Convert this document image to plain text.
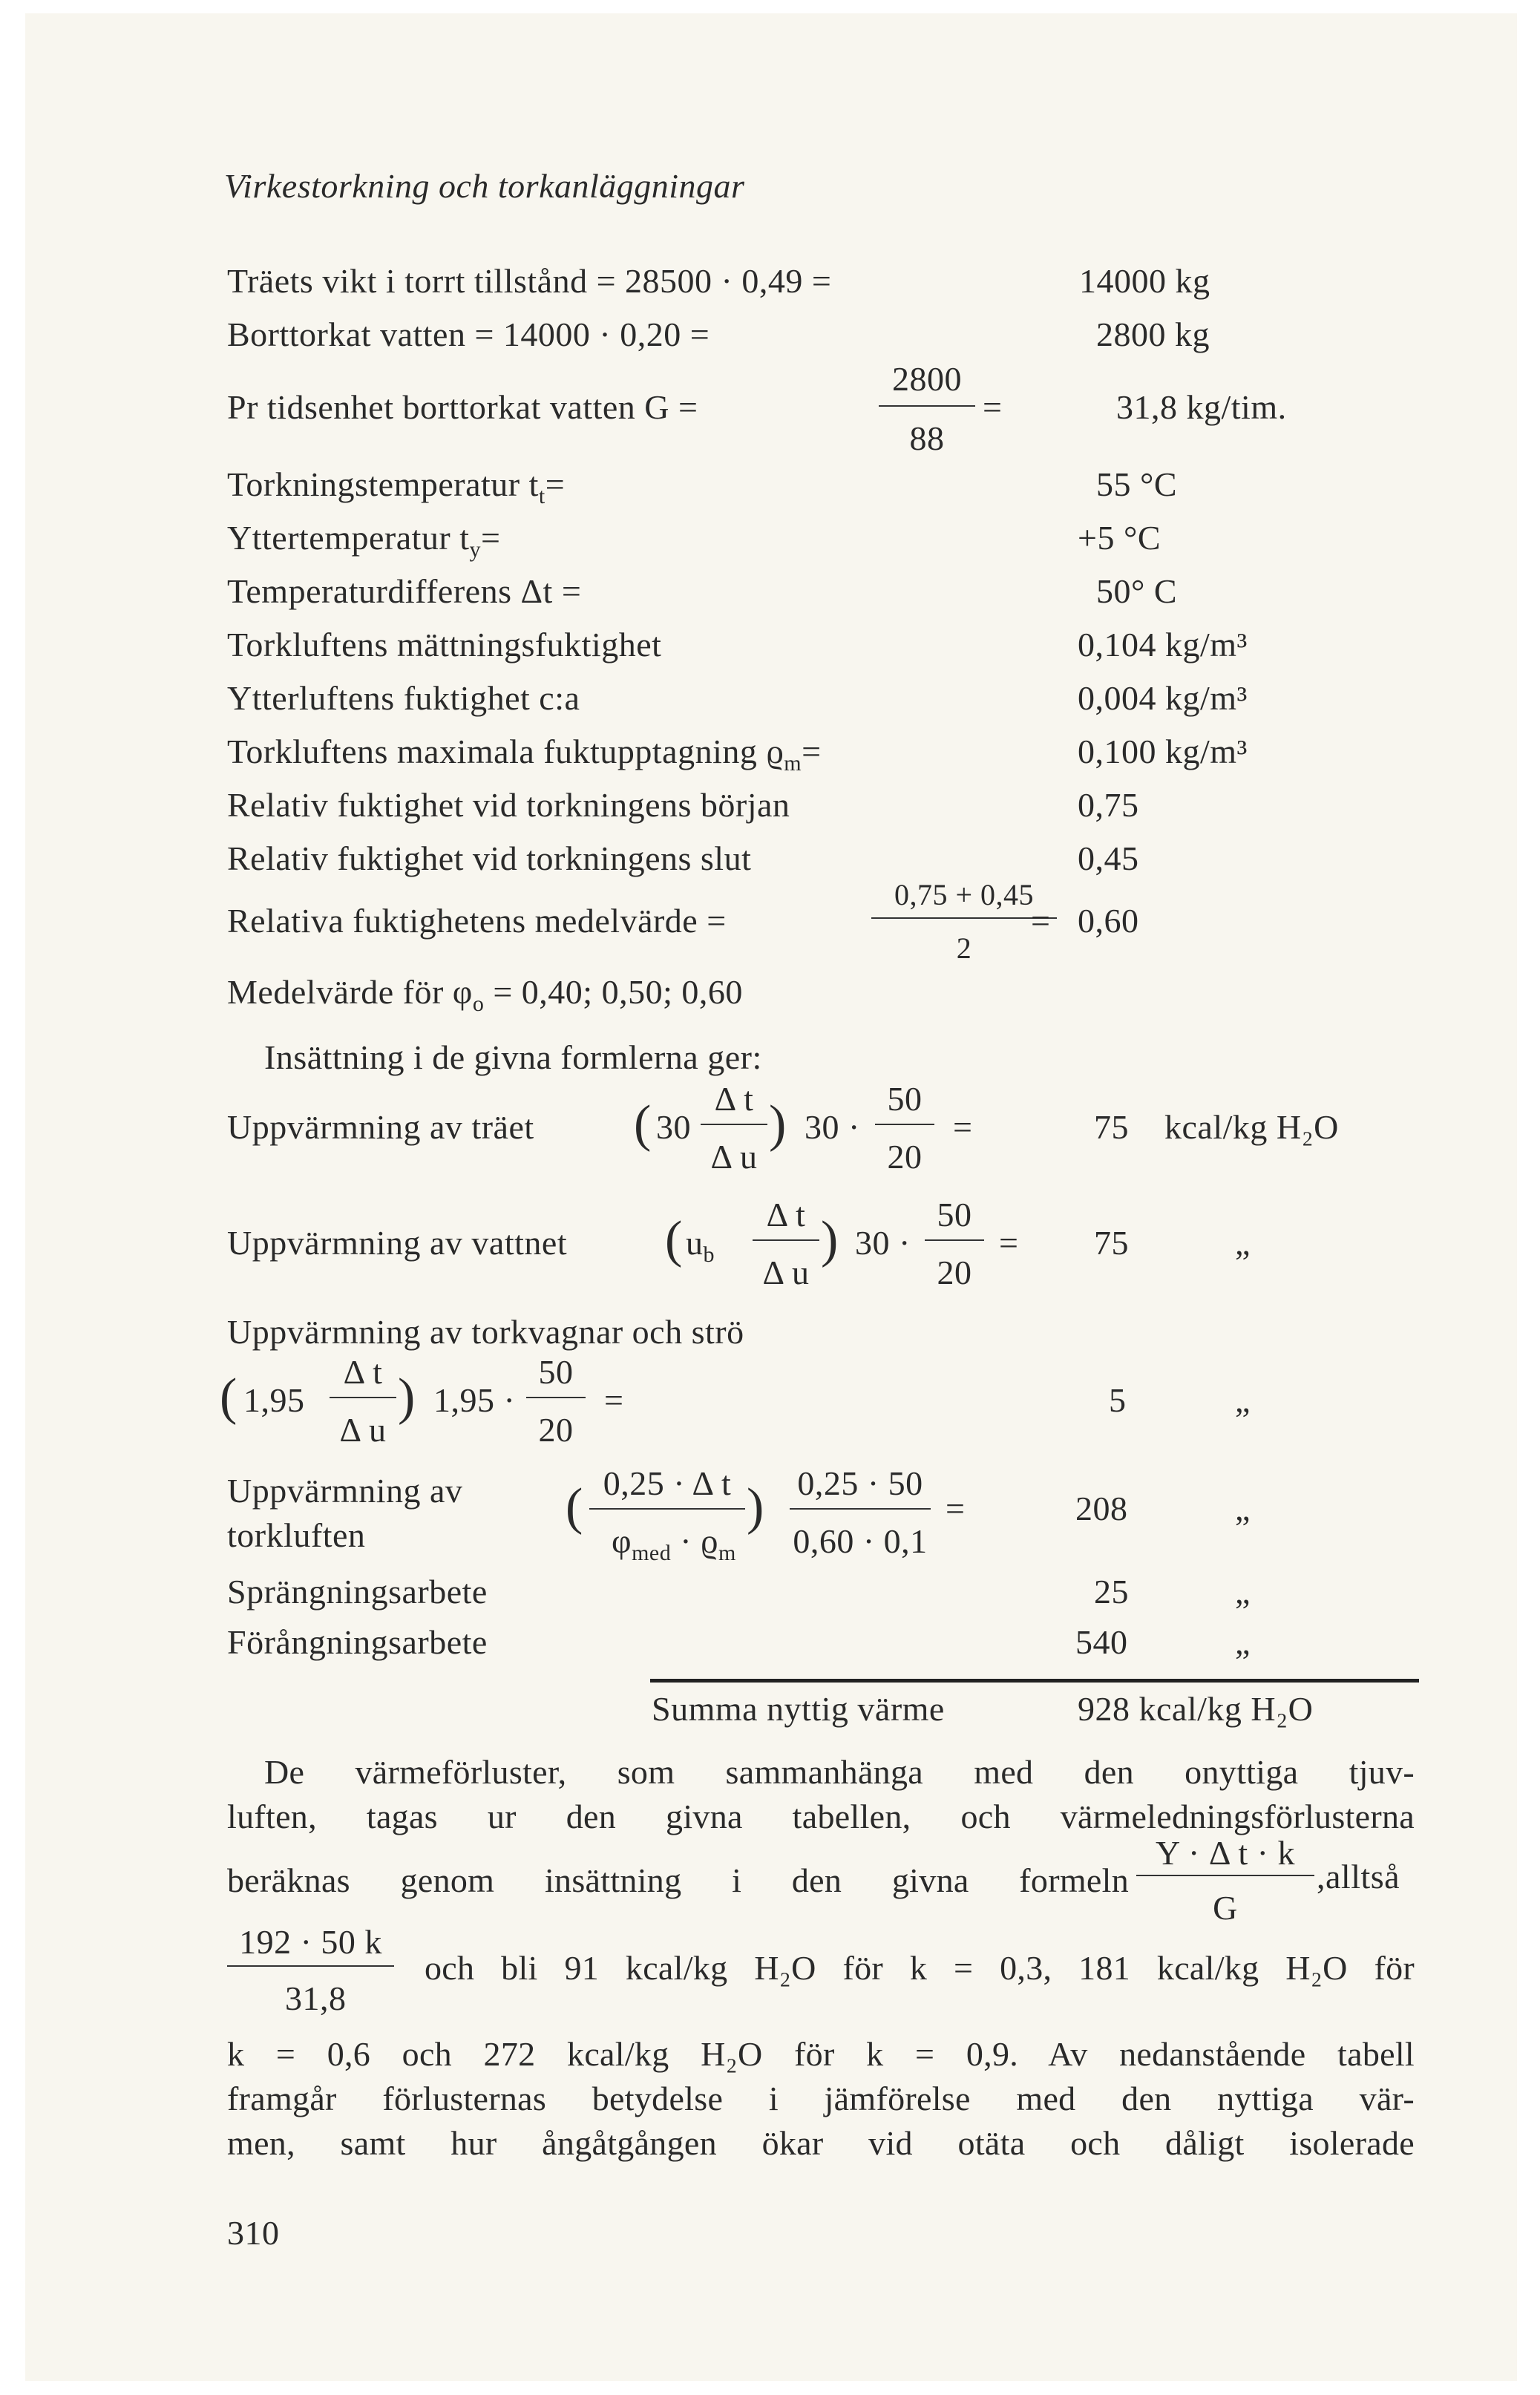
Virkestorkning och torkanläggningar
Träets vikt i torrt tillstånd = 28500 · 0,49 =	14000 kg
Borttorkat vatten = 14000 · 0,20 =	2800 kg
Pr tidsenhet borttorkat vatten G =
2800
88
=	31,8 kg/tim.
Torkningstemperatur $t_t=$	55 °C
Yttertemperatur $t_y=$	+5 °C
Temperaturdifferens Δt =	50° C
Torkluftens mättningsfuktighet	0,104 kg/m³
Ytterluftens fuktighet c:a	0,004 kg/m³
Torkluftens maximala fuktupptagning $ϱ_m=$	0,100 kg/m³
Relativ fuktighet vid torkningens början	0,75
Relativ fuktighet vid torkningens slut	0,45
Relativa fuktighetens medelvärde =
0,75 + 0,45
2
= 0,60
Medelvärde för $\varphi_o = 0,40$; 0,50; 0,60
Insättning i de givna formlerna ger:
Uppvärmning av träet ( 30
Δ t
Δ u
) 30 ·
50
20
=	75 kcal/kg H₂O
Uppvärmning av vattnet ( $u_b$
Δ t
Δ u
) 30 ·
50
20
= 75	„
Uppvärmning av torkvagnar och strö
( 1,95
Δ t
Δ u
) 1,95 ·
50
20
=	5	„
Uppvärmning av
torkluften	( 0,25 · Δ t
$\varphi_{med} \cdot ϱ_m$
) 0,25 · 50
0,60 · 0,1
=	208	„
Sprängningsarbete	25	„
Förångningsarbete	540	„
Summa nyttig värme	928 kcal/kg H₂O
De värmeförluster, som sammanhänga med den onyttiga tjuv-
luften, tagas ur den givna tabellen, och värmeledningsförlusterna
beräknas genom insättning i den givna formeln
Y · Δ t · k
G
,alltså
192 · 50 k
31,8
och bli 91 kcal/kg H₂O för k = 0,3, 181 kcal/kg H₂O för
k = 0,6 och 272 kcal/kg H₂O för k = 0,9. Av nedanstående tabell
framgår förlusternas betydelse i jämförelse med den nyttiga vär-
men, samt hur ångåtgången ökar vid otäta och dåligt isolerade
310
